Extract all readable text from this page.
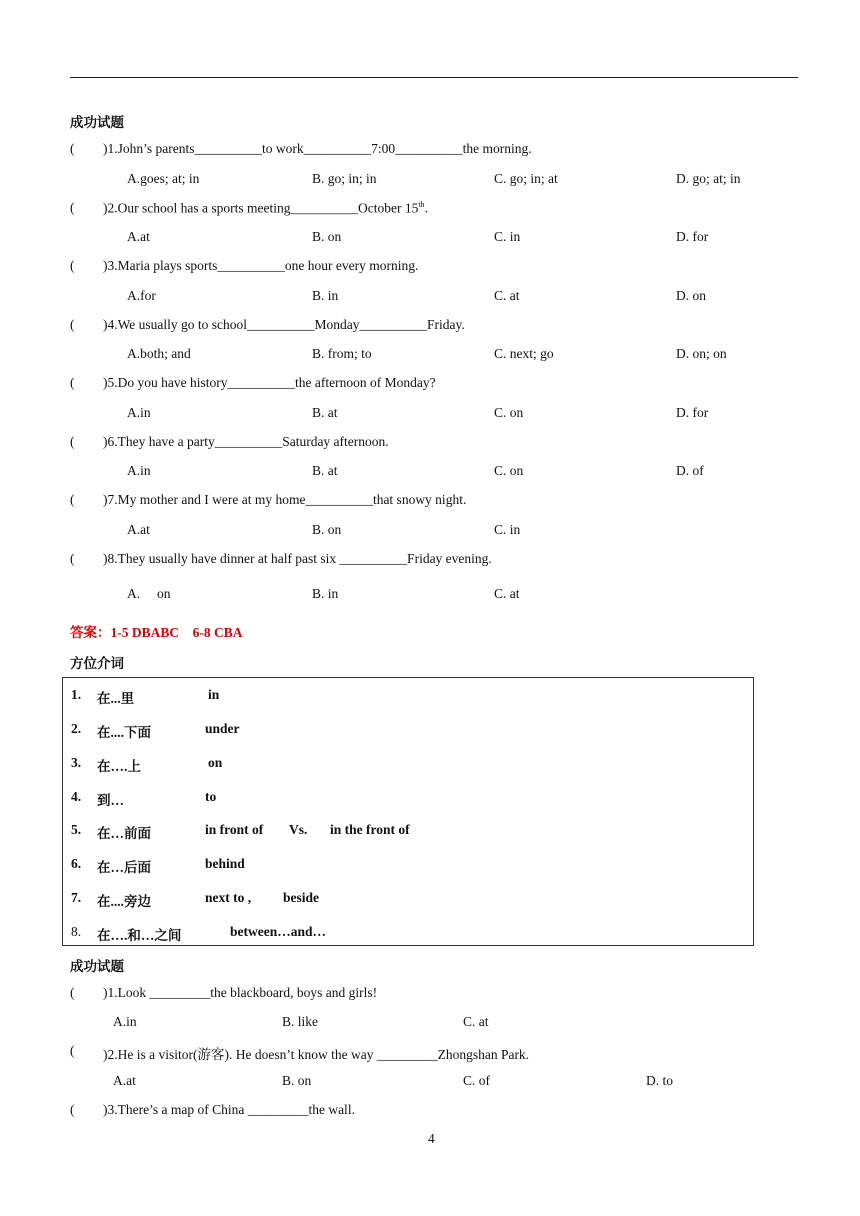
成功试题
( )1.John’s parents__________to work__________7:00__________the morning.
A.goes; at; in	B. go; in; in	C. go; in; at	D. go; at; in
( )2.Our school has a sports meeting__________October 15th.
A.at	B. on	C. in	D. for
( )3.Maria plays sports__________one hour every morning.
A.for	B. in	C. at	D. on
( )4.We usually go to school__________Monday__________Friday.
A.both; and	B. from; to	C. next; go	D. on; on
( )5.Do you have history__________the afternoon of Monday?
A.in	B. at	C. on	D. for
( )6.They have a party__________Saturday afternoon.
A.in	B. at	C. on	D. of
( )7.My mother and I were at my home__________that snowy night.
A.at	B. on	C. in
( )8.They usually have dinner at half past six __________Friday evening.
A.     on	B. in	C. at
答案：1-5 DBABC    6-8 CBA
方位介词
1. 在...里	in
2. 在....下面	under
3. 在….上	on
4. 到…	to
5. 在…前面	in front of Vs. in the front of
6. 在…后面	behind
7. 在....旁边	next to , beside
8. 在….和…之间	between…and…
成功试题
( )1.Look _________the blackboard, boys and girls!
A.in	B. like	C. at
( )2.He is a visitor(游客). He doesn’t know the way _________Zhongshan Park.
A.at	B. on	C. of	D. to
( )3.There’s a map of China _________the wall.
4
